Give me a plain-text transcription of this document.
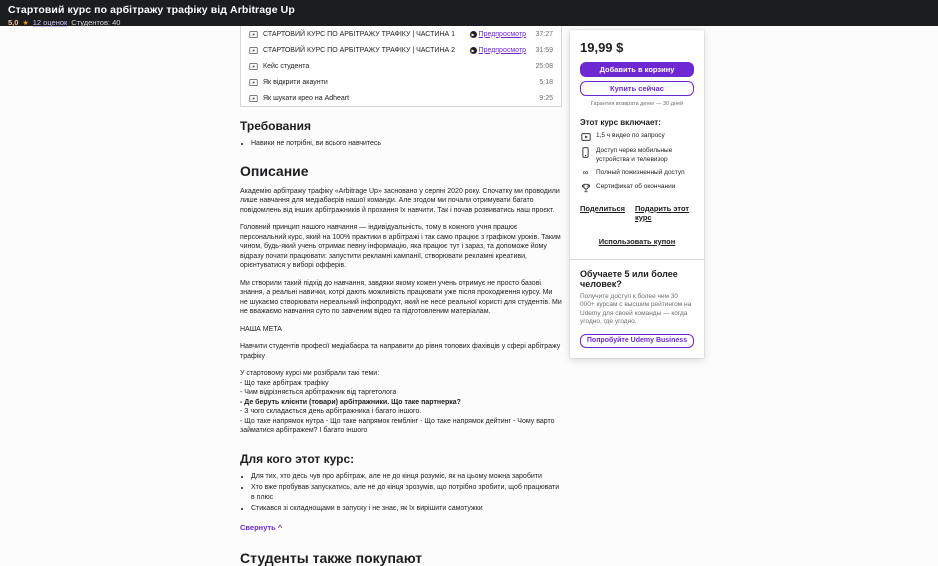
Стартовий курс по арбітражу трафіку від Arbitrage Up
5,0 ★ 12 оценок Студентов: 40
СТАРТОВИЙ КУРС ПО АРБІТРАЖУ ТРАФІКУ | ЧАСТИНА 1	▶ Предпросмотр	37:27
СТАРТОВИЙ КУРС ПО АРБІТРАЖУ ТРАФІКУ | ЧАСТИНА 2	▶ Предпросмотр	31:59
Кейс студента	25:08
Як відкрити акаунти	5:18
Як шукати крео на Adheart	9:25
Требования
• Навики не потрібні, ви всього навчитесь
Описание

Академію арбітражу трафіку «Arbitrage Up» засновано у серпні 2020 року. Спочатку ми проводили лише навчання для медіабаєрів нашої команди. Але згодом ми почали отримувати багато повідомлень від інших арбітражників й прохання їх навчити. Так і почав розвиватись наш проєкт.

Головний принцип нашого навчання — індивідуальність, тому в кожного учня працює персональний курс, який на 100% практики в арбітражі і так само працює з графіком уроків. Таким чином, будь-який учень отримає певну інформацію, яка працює тут і зараз, та допоможе йому відразу почати працювати: запустити рекламні кампанії, створювати рекламні креативи, орієнтуватися у виборі офферів.

Ми створили такий підхід до навчання, завдяки якому кожен учень отримує не просто базові знання, а реальні навички, котрі дають можливість працювати уже після проходження курсу. Ми не шукаємо створювати нереальний інфопродукт, який не несе реальної користі для студентів. Ми не вважаємо навчання суто по завченим відео та підготовленим матеріалам.

НАША МЕТА

Навчити студентів професії медіабаєра та направити до рівня топових фахівців у сфері арбітражу трафіку

У стартовому курсі ми розібрали такі теми:

- Що таке арбітраж трафіку
- Чим відрізняється арбітражник від таргетолога
- Де беруть клієнти (товари) арбітражники. Що таке партнерка?
- З чого складається день арбітражника і багато іншого.
- Що таке напрямок нутра - Що таке напрямок гемблінг - Що таке напрямок дейтинг - Чому варто займатися арбітражем? І багато іншого
Для кого этот курс:
• Для тих, хто десь чув про арбітраж, але не до кінця розуміє, як на цьому можна заробити
• Хто вже пробував запускатись, але не до кінця зрозумів, що потрібно зробити, щоб працювати в плюс
• Стикався зі складнощами в запуску і не знає, як їх вирішити самотужки
Свернуть ^
Студенты также покупают
19,99 $
Добавить в корзину
Купить сейчас
Гарантия возврата денег — 30 дней
Этот курс включает:
1,5 ч видео по запросу
Доступ через мобильные устройства и телевизор
∞	Полный пожизненный доступ
Сертификат об окончании
Поделиться Подарить этот курс
Использовать купон
Обучаете 5 или более человек?
Получите доступ к более чем 30 000+ курсам с высшим рейтингом на Udemy для своей команды — когда угодно, где угодно.
Попробуйте Udemy Business
